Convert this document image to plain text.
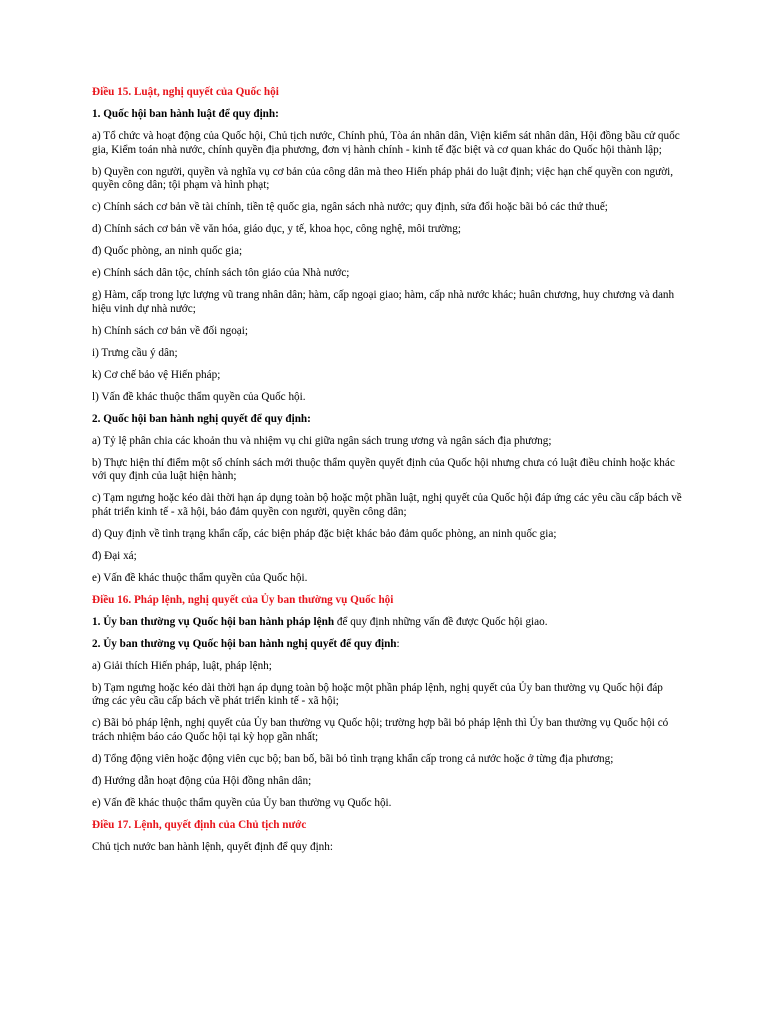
Điều 15. Luật, nghị quyết của Quốc hội

1. Quốc hội ban hành luật để quy định:

a) Tổ chức và hoạt động của Quốc hội, Chủ tịch nước, Chính phủ, Tòa án nhân dân, Viện kiểm sát nhân dân, Hội đồng bầu cử quốc gia, Kiểm toán nhà nước, chính quyền địa phương, đơn vị hành chính - kinh tế đặc biệt và cơ quan khác do Quốc hội thành lập;

b) Quyền con người, quyền và nghĩa vụ cơ bản của công dân mà theo Hiến pháp phải do luật định; việc hạn chế quyền con người, quyền công dân; tội phạm và hình phạt;

c) Chính sách cơ bản về tài chính, tiền tệ quốc gia, ngân sách nhà nước; quy định, sửa đổi hoặc bãi bỏ các thứ thuế;

d) Chính sách cơ bản về văn hóa, giáo dục, y tế, khoa học, công nghệ, môi trường;

đ) Quốc phòng, an ninh quốc gia;

e) Chính sách dân tộc, chính sách tôn giáo của Nhà nước;

g) Hàm, cấp trong lực lượng vũ trang nhân dân; hàm, cấp ngoại giao; hàm, cấp nhà nước khác; huân chương, huy chương và danh hiệu vinh dự nhà nước;

h) Chính sách cơ bản về đối ngoại;

i) Trưng cầu ý dân;

k) Cơ chế bảo vệ Hiến pháp;

l) Vấn đề khác thuộc thẩm quyền của Quốc hội.

2. Quốc hội ban hành nghị quyết để quy định:

a) Tỷ lệ phân chia các khoản thu và nhiệm vụ chi giữa ngân sách trung ương và ngân sách địa phương;

b) Thực hiện thí điểm một số chính sách mới thuộc thẩm quyền quyết định của Quốc hội nhưng chưa có luật điều chỉnh hoặc khác với quy định của luật hiện hành;

c) Tạm ngưng hoặc kéo dài thời hạn áp dụng toàn bộ hoặc một phần luật, nghị quyết của Quốc hội đáp ứng các yêu cầu cấp bách về phát triển kinh tế - xã hội, bảo đảm quyền con người, quyền công dân;

d) Quy định về tình trạng khẩn cấp, các biện pháp đặc biệt khác bảo đảm quốc phòng, an ninh quốc gia;

đ) Đại xá;

e) Vấn đề khác thuộc thẩm quyền của Quốc hội.

Điều 16. Pháp lệnh, nghị quyết của Ủy ban thường vụ Quốc hội

1. Ủy ban thường vụ Quốc hội ban hành pháp lệnh để quy định những vấn đề được Quốc hội giao.

2. Ủy ban thường vụ Quốc hội ban hành nghị quyết để quy định:

a) Giải thích Hiến pháp, luật, pháp lệnh;

b) Tạm ngưng hoặc kéo dài thời hạn áp dụng toàn bộ hoặc một phần pháp lệnh, nghị quyết của Ủy ban thường vụ Quốc hội đáp ứng các yêu cầu cấp bách về phát triển kinh tế - xã hội;

c) Bãi bỏ pháp lệnh, nghị quyết của Ủy ban thường vụ Quốc hội; trường hợp bãi bỏ pháp lệnh thì Ủy ban thường vụ Quốc hội có trách nhiệm báo cáo Quốc hội tại kỳ họp gần nhất;

d) Tổng động viên hoặc động viên cục bộ; ban bố, bãi bỏ tình trạng khẩn cấp trong cả nước hoặc ở từng địa phương;

đ) Hướng dẫn hoạt động của Hội đồng nhân dân;

e) Vấn đề khác thuộc thẩm quyền của Ủy ban thường vụ Quốc hội.

Điều 17. Lệnh, quyết định của Chủ tịch nước

Chủ tịch nước ban hành lệnh, quyết định để quy định:
